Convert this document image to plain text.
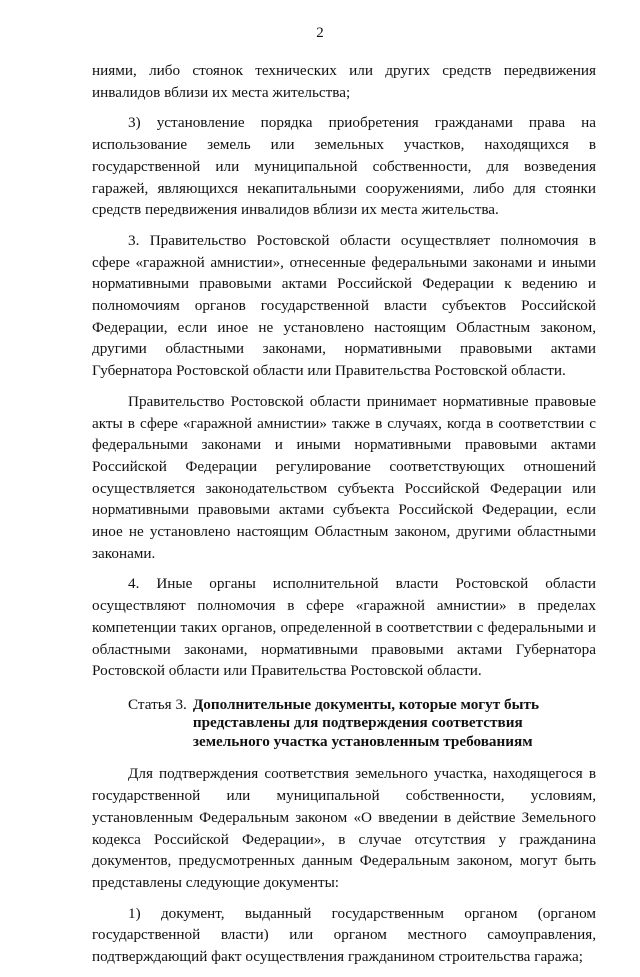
2

ниями, либо стоянок технических или других средств передвижения инвалидов вблизи их места жительства;

3) установление порядка приобретения гражданами права на использование земель или земельных участков, находящихся в государственной или муниципальной собственности, для возведения гаражей, являющихся некапитальными сооружениями, либо для стоянки средств передвижения инвалидов вблизи их места жительства.

3. Правительство Ростовской области осуществляет полномочия в сфере «гаражной амнистии», отнесенные федеральными законами и иными нормативными правовыми актами Российской Федерации к ведению и полномочиям органов государственной власти субъектов Российской Федерации, если иное не установлено настоящим Областным законом, другими областными законами, нормативными правовыми актами Губернатора Ростовской области или Правительства Ростовской области.

Правительство Ростовской области принимает нормативные правовые акты в сфере «гаражной амнистии» также в случаях, когда в соответствии с федеральными законами и иными нормативными правовыми актами Российской Федерации регулирование соответствующих отношений осуществляется законодательством субъекта Российской Федерации или нормативными правовыми актами субъекта Российской Федерации, если иное не установлено настоящим Областным законом, другими областными законами.

4. Иные органы исполнительной власти Ростовской области осуществляют полномочия в сфере «гаражной амнистии» в пределах компетенции таких органов, определенной в соответствии с федеральными и областными законами, нормативными правовыми актами Губернатора Ростовской области или Правительства Ростовской области.

Статья 3. Дополнительные документы, которые могут быть представлены для подтверждения соответствия земельного участка установленным требованиям

Для подтверждения соответствия земельного участка, находящегося в государственной или муниципальной собственности, условиям, установленным Федеральным законом «О введении в действие Земельного кодекса Российской Федерации», в случае отсутствия у гражданина документов, предусмотренных данным Федеральным законом, могут быть представлены следующие документы:

1) документ, выданный государственным органом (органом государственной власти) или органом местного самоуправления, подтверждающий факт осуществления гражданином строительства гаража;
